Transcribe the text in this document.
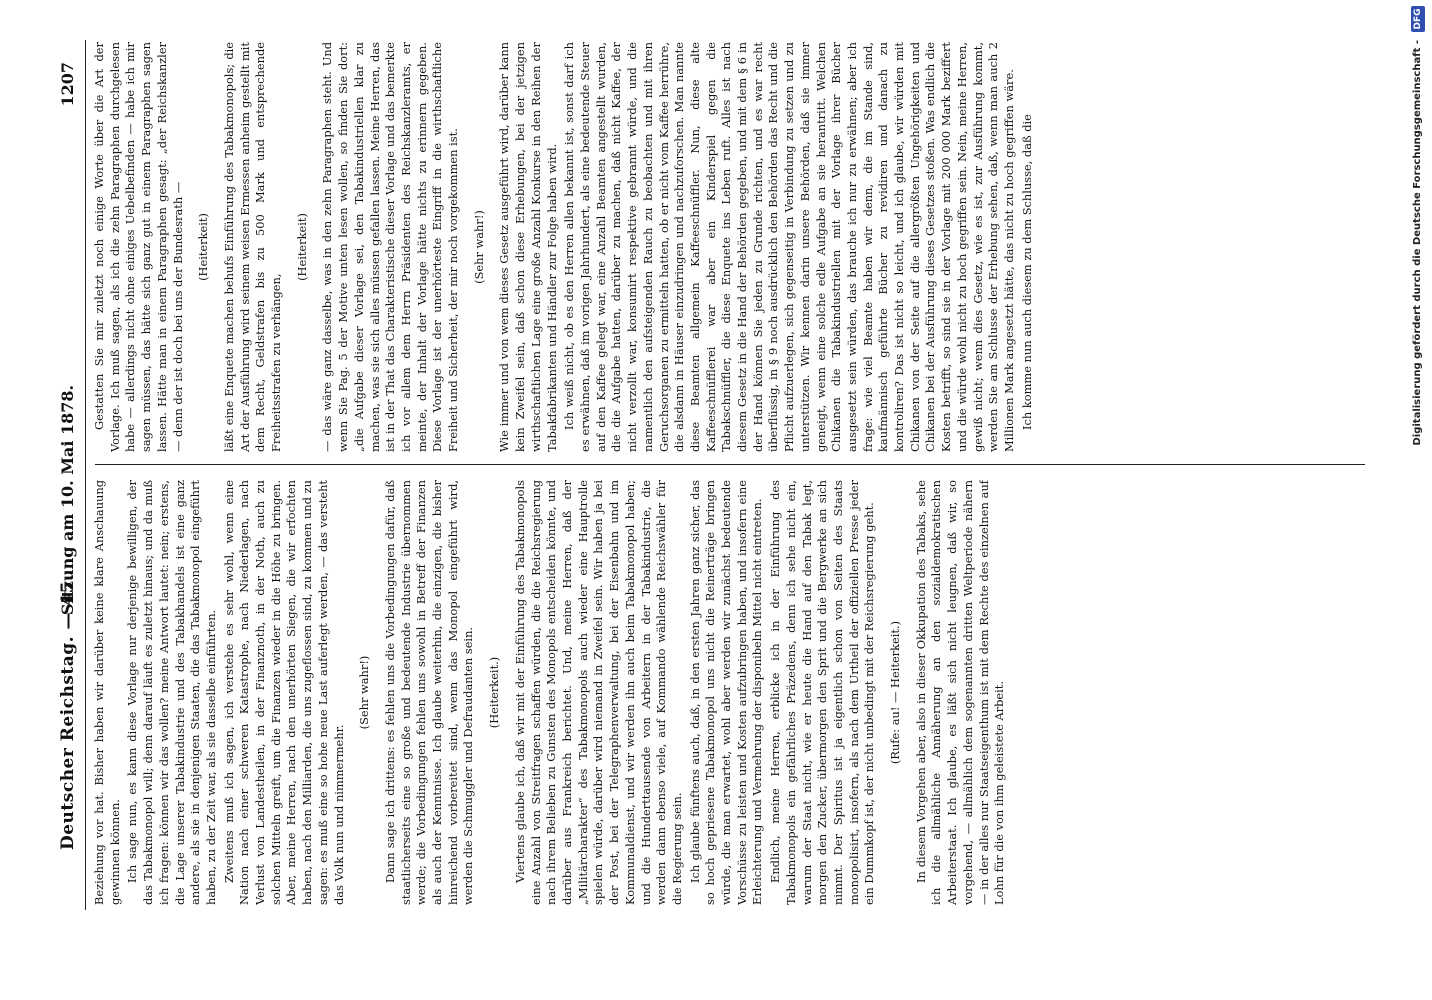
Deutscher Reichstag. — 45.
Sitzung am 10. Mai 1878.
1207

Beziehung vor hat. Bisher haben wir darüber keine klare Anschauung gewinnen können. Ich sage nun, es kann diese Vorlage nur derjenige bewilligen, der das Tabakmonopol will; denn darauf läuft es zuletzt hinaus; und da muß ich fragen: können wir das wollen? meine Antwort lautet: nein; erstens, die Lage unserer Tabakindustrie und des Tabakhandels ist eine ganz andere, als sie in denjenigen Staaten, die das Tabakmonopol eingeführt haben, zu der Zeit war, als sie dasselbe einführten. Zweitens muß ich sagen, ich verstehe es sehr wohl, wenn eine Nation nach einer schweren Katastrophe, nach Niederlagen, nach Verlust von Landestheilen, in der Finanznoth, in der Noth, auch zu solchen Mitteln greift, um die Finanzen wieder in die Höhe zu bringen. Aber, meine Herren, nach den unerhörten Siegen, die wir erfochten haben, nach den Milliarden, die uns zugeflossen sind, zu kommen und zu sagen: es muß eine so hohe neue Last auferlegt werden, — das versteht das Volk nun und nimmermehr.

(Sehr wahr!) Dann sage ich drittens: es fehlen uns die Vorbedingungen dafür, daß staatlicherseits eine so große und bedeutende Industrie übernommen werde; die Vorbedingungen fehlen uns sowohl in Betreff der Finanzen als auch der Kenntnisse. Ich glaube weiterhin, die einzigen, die bisher hinreichend vorbereitet sind, wenn das Monopol eingeführt wird, werden die Schmuggler und Defraudanten sein. (Heiterkeit.) Viertens glaube ich, daß wir mit der Einführung des Tabakmonopols eine Anzahl von Streitfragen schaffen würden, die die Reichsregierung nach ihrem Belieben zu Gunsten des Monopols entscheiden könnte, und darüber aus Frankreich berichtet. Und, meine Herren, daß der „Militärcharakter“ des Tabakmonopols auch wieder eine Hauptrolle spielen würde, darüber wird niemand in Zweifel sein. Wir haben ja bei der Post, bei der Telegraphenverwaltung, bei der Eisenbahn und im Kommunaldienst, und wir werden ihn auch beim Tabakmonopol haben; und die Hunderttausende von Arbeitern in der Tabakindustrie, die werden dann ebenso viele, auf Kommando wählende Reichswähler für die Regierung sein. Ich glaube fünftens auch, daß, in den ersten Jahren ganz sicher, das so hoch gepriesene Tabakmonopol uns nicht die Reinerträge bringen würde, die man erwartet, wohl aber werden wir zunächst bedeutende Vorschüsse zu leisten und Kosten aufzubringen haben, und insofern eine Erleichterung und Vermehrung der disponibeln Mittel nicht eintreten. Endlich, meine Herren, erblicke ich in der Einführung des Tabakmonopols ein gefährliches Präzedens, denn ich sehe nicht ein, warum der Staat nicht, wie er heute die Hand auf den Tabak legt, morgen den Zucker, übermorgen den Sprit und die Bergwerke an sich nimmt. Der Spiritus ist ja eigentlich schon von Seiten des Staats monopolisirt, insofern, als nach dem Urtheil der offiziellen Presse jeder ein Dummkopf ist, der nicht unbedingt mit der Reichsregierung geht. (Rufe: au! — Heiterkeit.) In diesem Vorgehen aber, also in dieser Okkupation des Tabaks, sehe ich die allmähliche Annäherung an den sozialdemokratischen Arbeiterstaat. Ich glaube, es läßt sich nicht leugnen, daß wir, so vorgehend, — allmählich dem sogenannten dritten Weltperiode nähern — in der alles nur Staatseigenthum ist mit dem Rechte des einzelnen auf Lohn für die von ihm geleistete Arbeit.

Gestatten Sie mir zuletzt noch einige Worte über die Art der Vorlage. Ich muß sagen, als ich die zehn Paragraphen durchgelesen habe — allerdings nicht ohne einiges Uebelbefinden — habe ich mir sagen müssen, das hätte sich ganz gut in einem Paragraphen sagen lassen. Hätte man in einem Paragraphen gesagt: „der Reichskanzler — denn der ist doch bei uns der Bundesrath — (Heiterkeit) läßt eine Enquete machen behufs Einführung des Tabakmonopols; die Art der Ausführung wird seinem weisen Ermessen anheim gestellt mit dem Recht, Geldstrafen bis zu 500 Mark und entsprechende Freiheitsstrafen zu verhängen,

(Heiterkeit) — das wäre ganz dasselbe, was in den zehn Paragraphen steht. Und wenn Sie Pag. 5 der Motive unten lesen wollen, so finden Sie dort: „die Aufgabe dieser Vorlage sei, den Tabakindustriellen klar zu machen, was sie sich alles müssen gefallen lassen. Meine Herren, das ist in der That das Charakteristische dieser Vorlage und das bemerkte ich vor allem dem Herrn Präsidenten des Reichskanzleramts, er meinte, der Inhalt der Vorlage hätte nichts zu erinnern gegeben. Diese Vorlage ist der unerhörteste Eingriff in die wirthschaftliche Freiheit und Sicherheit, der mir noch vorgekommen ist. (Sehr wahr!) Wie immer und von wem dieses Gesetz ausgeführt wird, darüber kann kein Zweifel sein, daß schon diese Erhebungen, bei der jetzigen wirthschaftlichen Lage eine große Anzahl Konkurse in den Reihen der Tabakfabrikanten und Händler zur Folge haben wird. Ich weiß nicht, ob es den Herren allen bekannt ist, sonst darf ich es erwähnen, daß im vorigen Jahrhundert, als eine bedeutende Steuer auf den Kaffee gelegt war, eine Anzahl Beamten angestellt wurden, die die Aufgabe hatten, darüber zu machen, daß nicht Kaffee, der nicht verzollt war, konsumirt respektive gebrannt würde, und die namentlich den aufsteigenden Rauch zu beobachten und mit ihren Geruchsorganen zu ermitteln hatten, ob er nicht vom Kaffee herrühre, die alsdann in Häuser einzudringen und nachzuforschen. Man nannte diese Beamten allgemein Kaffeeschnüffler. Nun, diese alte Kaffeeschnüfflerei war aber ein Kinderspiel gegen die Tabakschnüffler, die diese Enquete ins Leben ruft. Alles ist nach diesem Gesetz in die Hand der Behörden gegeben, und mit dem § 6 in der Hand können Sie jeden zu Grunde richten, und es war recht überflüssig, in § 9 noch ausdrücklich den Behörden das Recht und die Pflicht aufzuerlegen, sich gegenseitig in Verbindung zu setzen und zu unterstützen. Wir kennen darin unsere Behörden, daß sie immer geneigt, wenn eine solche edle Aufgabe an sie herantritt. Welchen Chikanen die Tabakindustriellen mit der Vorlage ihrer Bücher ausgesetzt sein würden, das brauche ich nur zu erwähnen; aber ich frage: wie viel Beamte haben wir denn, die im Stande sind, kaufmännisch geführte Bücher zu revidiren und danach zu kontroliren? Das ist nicht so leicht, und ich glaube, wir würden mit Chikanen von der Seite auf die allergrößten Ungehörigkeiten und Chikanen bei der Ausführung dieses Gesetzes stoßen. Was endlich die Kosten betrifft, so sind sie in der Vorlage mit 200 000 Mark beziffert und die würde wohl nicht zu hoch gegriffen sein. Nein, meine Herren, gewiß nicht; wenn dies Gesetz, wie es ist, zur Ausführung kommt, werden Sie am Schlusse der Erhebung sehen, daß, wenn man auch 2 Millionen Mark angesetzt hätte, das nicht zu hoch gegriffen wäre. Ich komme nun auch diesem zu dem Schlusse, daß die	Digitalisierung gefördert durch die Deutsche Forschungsgemeinschaft -
DFG
